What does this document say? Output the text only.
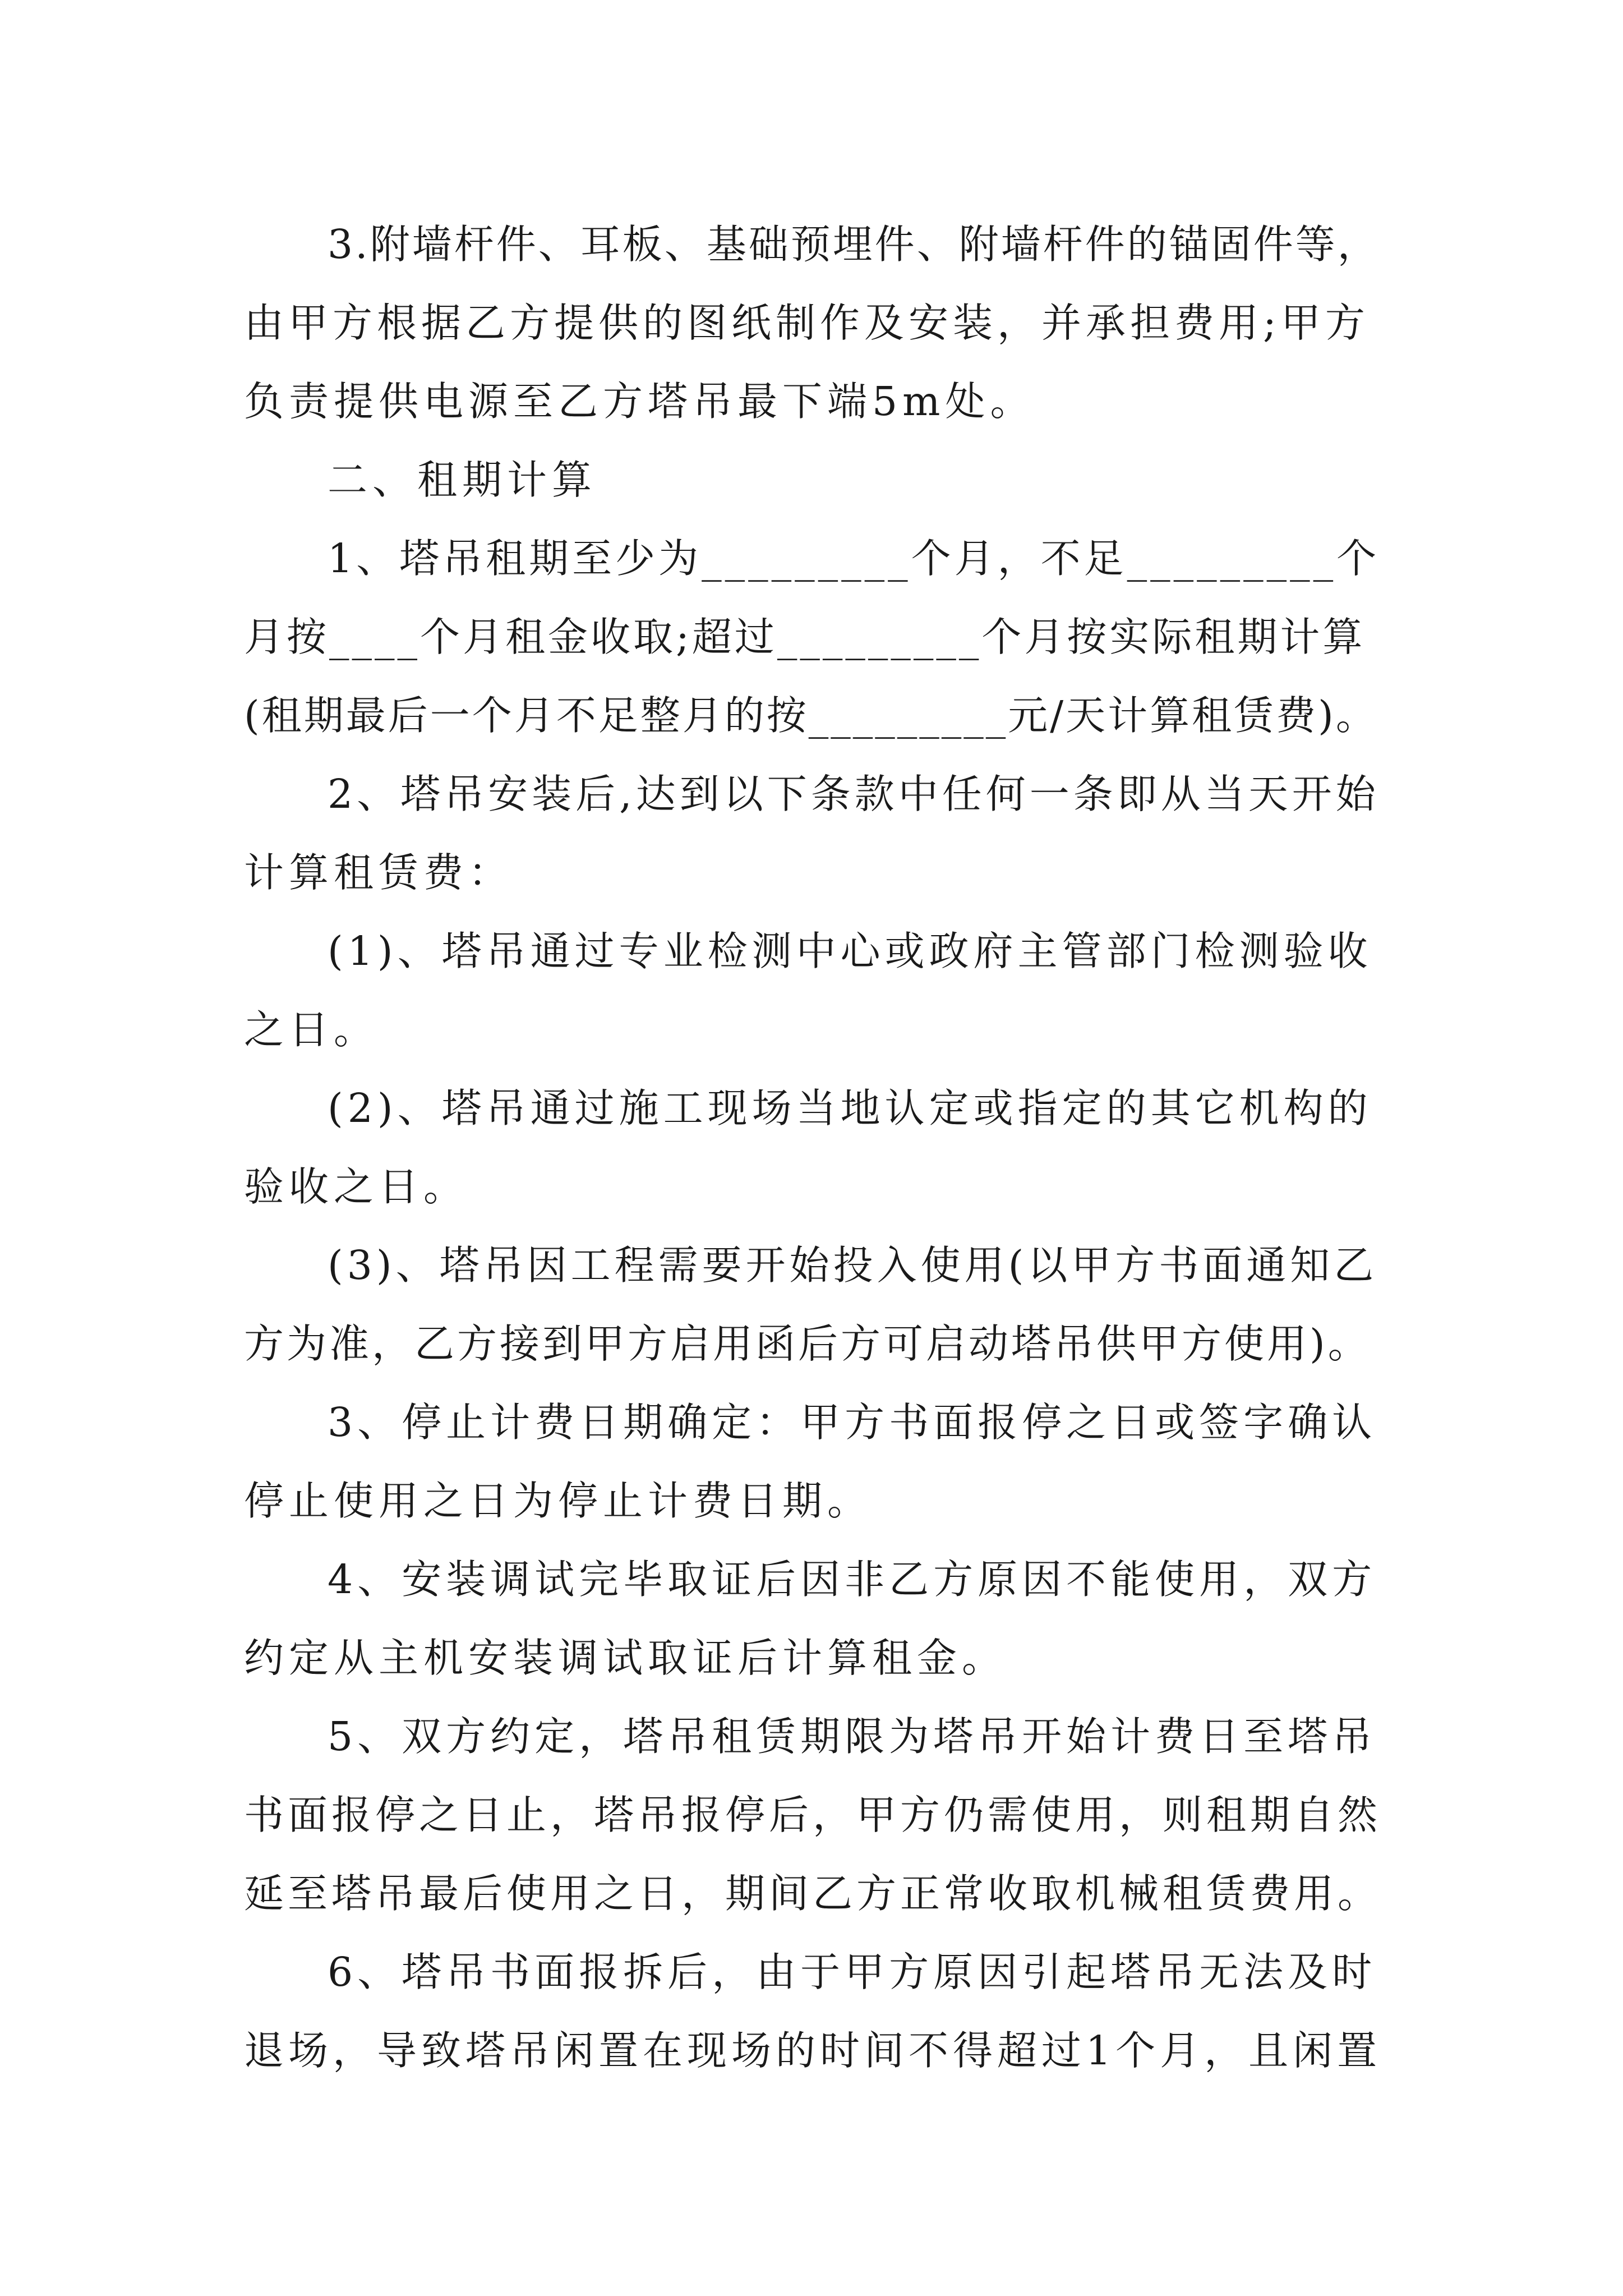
3.附墙杆件、耳板、基础预埋件、附墙杆件的锚固件等，
由甲方根据乙方提供的图纸制作及安装，并承担费用;甲方
负责提供电源至乙方塔吊最下端5m处。
二、租期计算
1、塔吊租期至少为_________个月，不足_________个
月按____个月租金收取;超过_________个月按实际租期计算
(租期最后一个月不足整月的按_________元/天计算租赁费)。
2、塔吊安装后,达到以下条款中任何一条即从当天开始
计算租赁费：
(1)、塔吊通过专业检测中心或政府主管部门检测验收
之日。
(2)、塔吊通过施工现场当地认定或指定的其它机构的
验收之日。
(3)、塔吊因工程需要开始投入使用(以甲方书面通知乙
方为准，乙方接到甲方启用函后方可启动塔吊供甲方使用)。
3、停止计费日期确定：甲方书面报停之日或签字确认
停止使用之日为停止计费日期。
4、安装调试完毕取证后因非乙方原因不能使用，双方
约定从主机安装调试取证后计算租金。
5、双方约定，塔吊租赁期限为塔吊开始计费日至塔吊
书面报停之日止，塔吊报停后，甲方仍需使用，则租期自然
延至塔吊最后使用之日，期间乙方正常收取机械租赁费用。
6、塔吊书面报拆后，由于甲方原因引起塔吊无法及时
退场，导致塔吊闲置在现场的时间不得超过1个月，且闲置
